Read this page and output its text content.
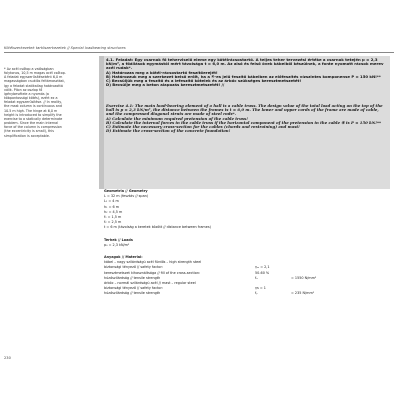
Kötélszerkezetek tartószerkezetek // Special loadbearing structures
* Az acél csőtop a valóságban folytonos, 10,5 m magas acél csőtop. A feladat egyszerűsítéseként 6,0 m magasságban csuklós feltámasztást, így a feladat statikailag határozottá válik. Pilon az oszlop fő igénybevétele a nyomás (a köbpontossági kötés), ezért ez a feladat egyszerűsítése. // In reality, the mast column is continuous and 10.5 m high. The hinge at 6,0 m height is introduced to simplify the exercise to a statically determinate problem. Since the main internal force of the column is compression (the eccentricity is small), this simplification is acceptable.

4.1. Feladat: Egy csarnok fő teherviselő eleme egy kötélrácsostartó. A teljes teher tervezési értéke a csarnok tetején p = 2,3 kN/m², a főállások egymástól mért távolsága t = 6,0 m. Az alsó és felső övek kábelből készülnek, a fonte nyomott rácsok merev acél rudak*.

A) Határozza meg a kötél-rácsostartó feszítőerejét!

B) Határozzuk meg a szerkezet belső erőit, ha a ④-es jelű feszítő kábelben az előfeszítés vízszintes komponense P = 150 kN!**

C) Becsüljük meg a feszítő és a lefeszítő kötelek és az árbóc szükséges keresztmetszetét!

D) Becsülje meg a beton alapozás keresztmetszetét! //

Exercise 4.1: The main load-bearing element of a hall is a cable truss. The design value of the total load acting on the top of the hall is p = 2,3 kN/m², the distance between the frames is t = 6,0 m. The lower and upper cords of the frame are made of cable, and the compressed diagonal struts are made of steel rods*.

A) Calculate the minimum required pretension of the cable truss!

B) Calculate the internal forces in the cable truss if the horizontal component of the pretension in the cable ④ is P = 150 kN!**

C) Estimate the necessary cross-section for the cables (chords and restraining) and mast!

D) Estimate the cross-section of the concrete foundation!

Geometria // Geometry
L = 32 m (fesztáv // span)
L₁ = 4 m
h₁ = 6 m
h₂ = 4,5 m
f₁ = 1,5 m
f₂ = 2,5 m
t = 6 m (távolság a keretek között // distance between frames)
Terhek // Loads
p₀ = 2,3 kN/m²
Anyagok // Material:
kábel – nagy szilárdságú acél fürdős – high strength steel
biztonsági tényező // safety factor:	γₘ = 2,1
keresztmetszet kihasználtsága // fill of the cross-section:	50-60 %
húzószilárdság // tensile strength	fᵤ	= 1550 N/mm²
árbóc – normál szilárdságú acél // mast – regular steel
biztonsági tényező // safety factor:	γs = 1
húzószilárdság // tensile strength	fᵧ	= 235 N/mm²
230
